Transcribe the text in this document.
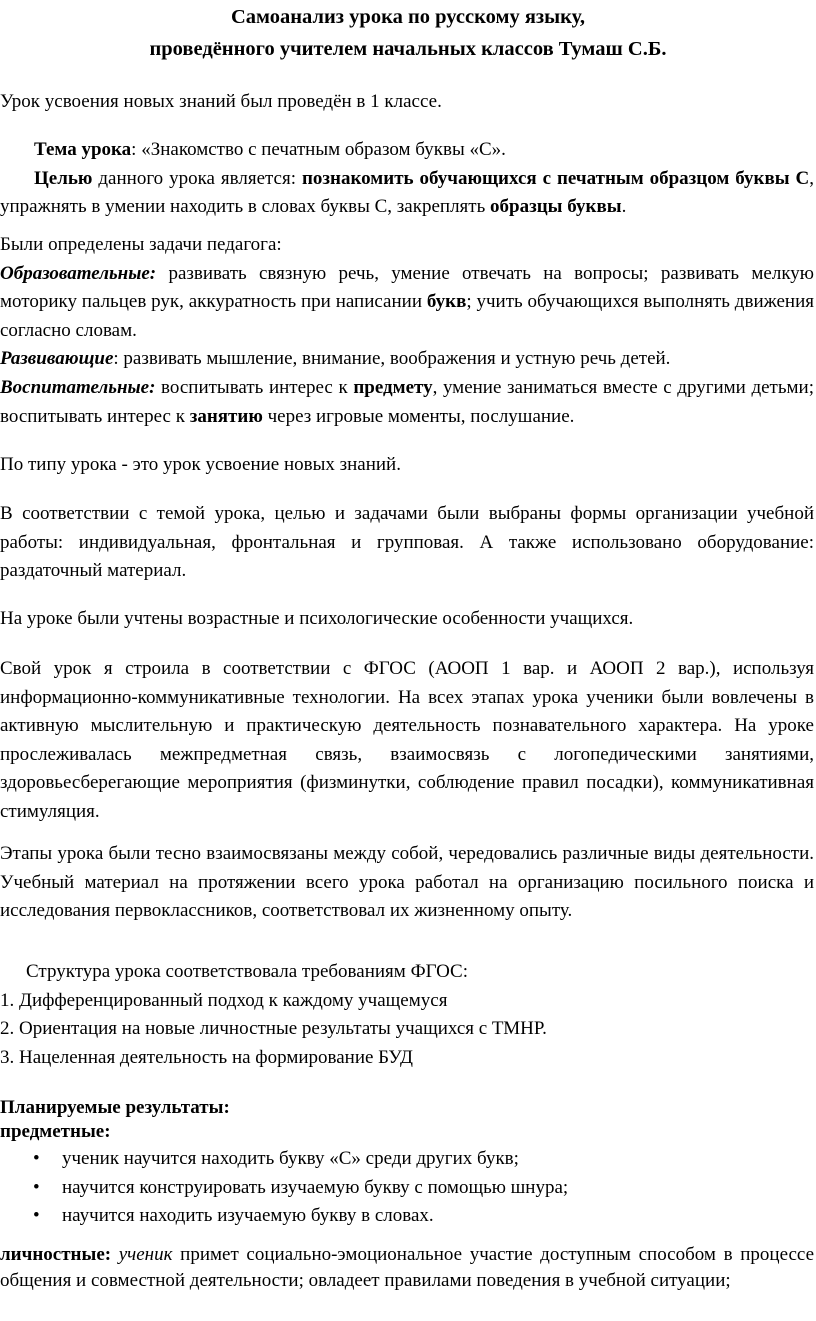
Самоанализ урока по русскому языку,
проведённого учителем начальных классов Тумаш С.Б.
Урок усвоения новых знаний был проведён в 1 классе.
Тема урока: «Знакомство с печатным образом буквы «С».
Целью данного урока является: познакомить обучающихся с печатным образцом буквы С, упражнять в умении находить в словах буквы С, закреплять образцы буквы.
Были определены задачи педагога:
Образовательные: развивать связную речь, умение отвечать на вопросы; развивать мелкую моторику пальцев рук, аккуратность при написании букв; учить обучающихся выполнять движения согласно словам.
Развивающие: развивать мышление, внимание, воображения и устную речь детей.
Воспитательные: воспитывать интерес к предмету, умение заниматься вместе с другими детьми; воспитывать интерес к занятию через игровые моменты, послушание.
По типу урока - это урок усвоение новых знаний.
В соответствии с темой урока, целью и задачами были выбраны формы организации учебной работы: индивидуальная, фронтальная и групповая. А также использовано оборудование: раздаточный материал.
На уроке были учтены возрастные и психологические особенности учащихся.
Свой урок я строила в соответствии с ФГОС (АООП 1 вар. и АООП 2 вар.), используя информационно-коммуникативные технологии. На всех этапах урока ученики были вовлечены в активную мыслительную и практическую деятельность познавательного характера. На уроке прослеживалась межпредметная связь, взаимосвязь с логопедическими занятиями, здоровьесберегающие мероприятия (физминутки, соблюдение правил посадки), коммуникативная стимуляция.
Этапы урока были тесно взаимосвязаны между собой, чередовались различные виды деятельности. Учебный материал на протяжении всего урока работал на организацию посильного поиска и исследования первоклассников, соответствовал их жизненному опыту.
Структура урока соответствовала требованиям ФГОС:
1. Дифференцированный подход к каждому учащемуся
2. Ориентация на новые личностные результаты учащихся с ТМНР.
3. Нацеленная деятельность на формирование БУД
Планируемые результаты:
предметные:
• ученик научится находить букву «С» среди других букв;
• научится конструировать изучаемую букву с помощью шнура;
• научится находить изучаемую букву в словах.
личностные: ученик примет социально-эмоциональное участие доступным способом в процессе общения и совместной деятельности; овладеет правилами поведения в учебной ситуации;
